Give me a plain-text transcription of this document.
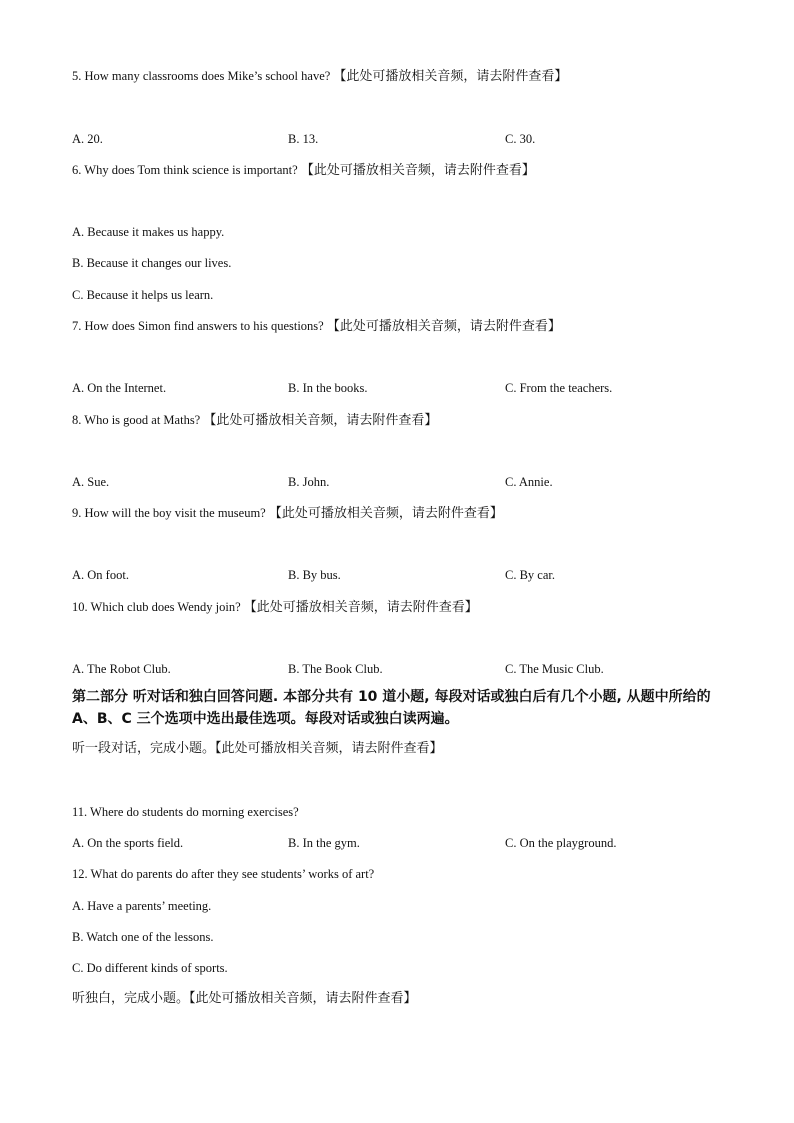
5. How many classrooms does Mike’s school have? 【此处可播放相关音频，请去附件查看】
A. 20.	B. 13.	C. 30.
6. Why does Tom think science is important? 【此处可播放相关音频，请去附件查看】
A. Because it makes us happy.
B. Because it changes our lives.
C. Because it helps us learn.
7. How does Simon find answers to his questions? 【此处可播放相关音频，请去附件查看】
A. On the Internet.	B. In the books.	C. From the teachers.
8. Who is good at Maths? 【此处可播放相关音频，请去附件查看】
A. Sue.	B. John.	C. Annie.
9. How will the boy visit the museum? 【此处可播放相关音频，请去附件查看】
A. On foot.	B. By bus.	C. By car.
10. Which club does Wendy join? 【此处可播放相关音频，请去附件查看】
A. The Robot Club.	B. The Book Club.	C. The Music Club.
第二部分 听对话和独白回答问题. 本部分共有 10 道小题, 每段对话或独白后有几个小题, 从题中所给的 A、B、C 三个选项中选出最佳选项。每段对话或独白读两遍。
听一段对话，完成小题。【此处可播放相关音频，请去附件查看】
11. Where do students do morning exercises?
A. On the sports field.	B. In the gym.	C. On the playground.
12. What do parents do after they see students’ works of art?
A. Have a parents’ meeting.
B. Watch one of the lessons.
C. Do different kinds of sports.
听独白，完成小题。【此处可播放相关音频，请去附件查看】
